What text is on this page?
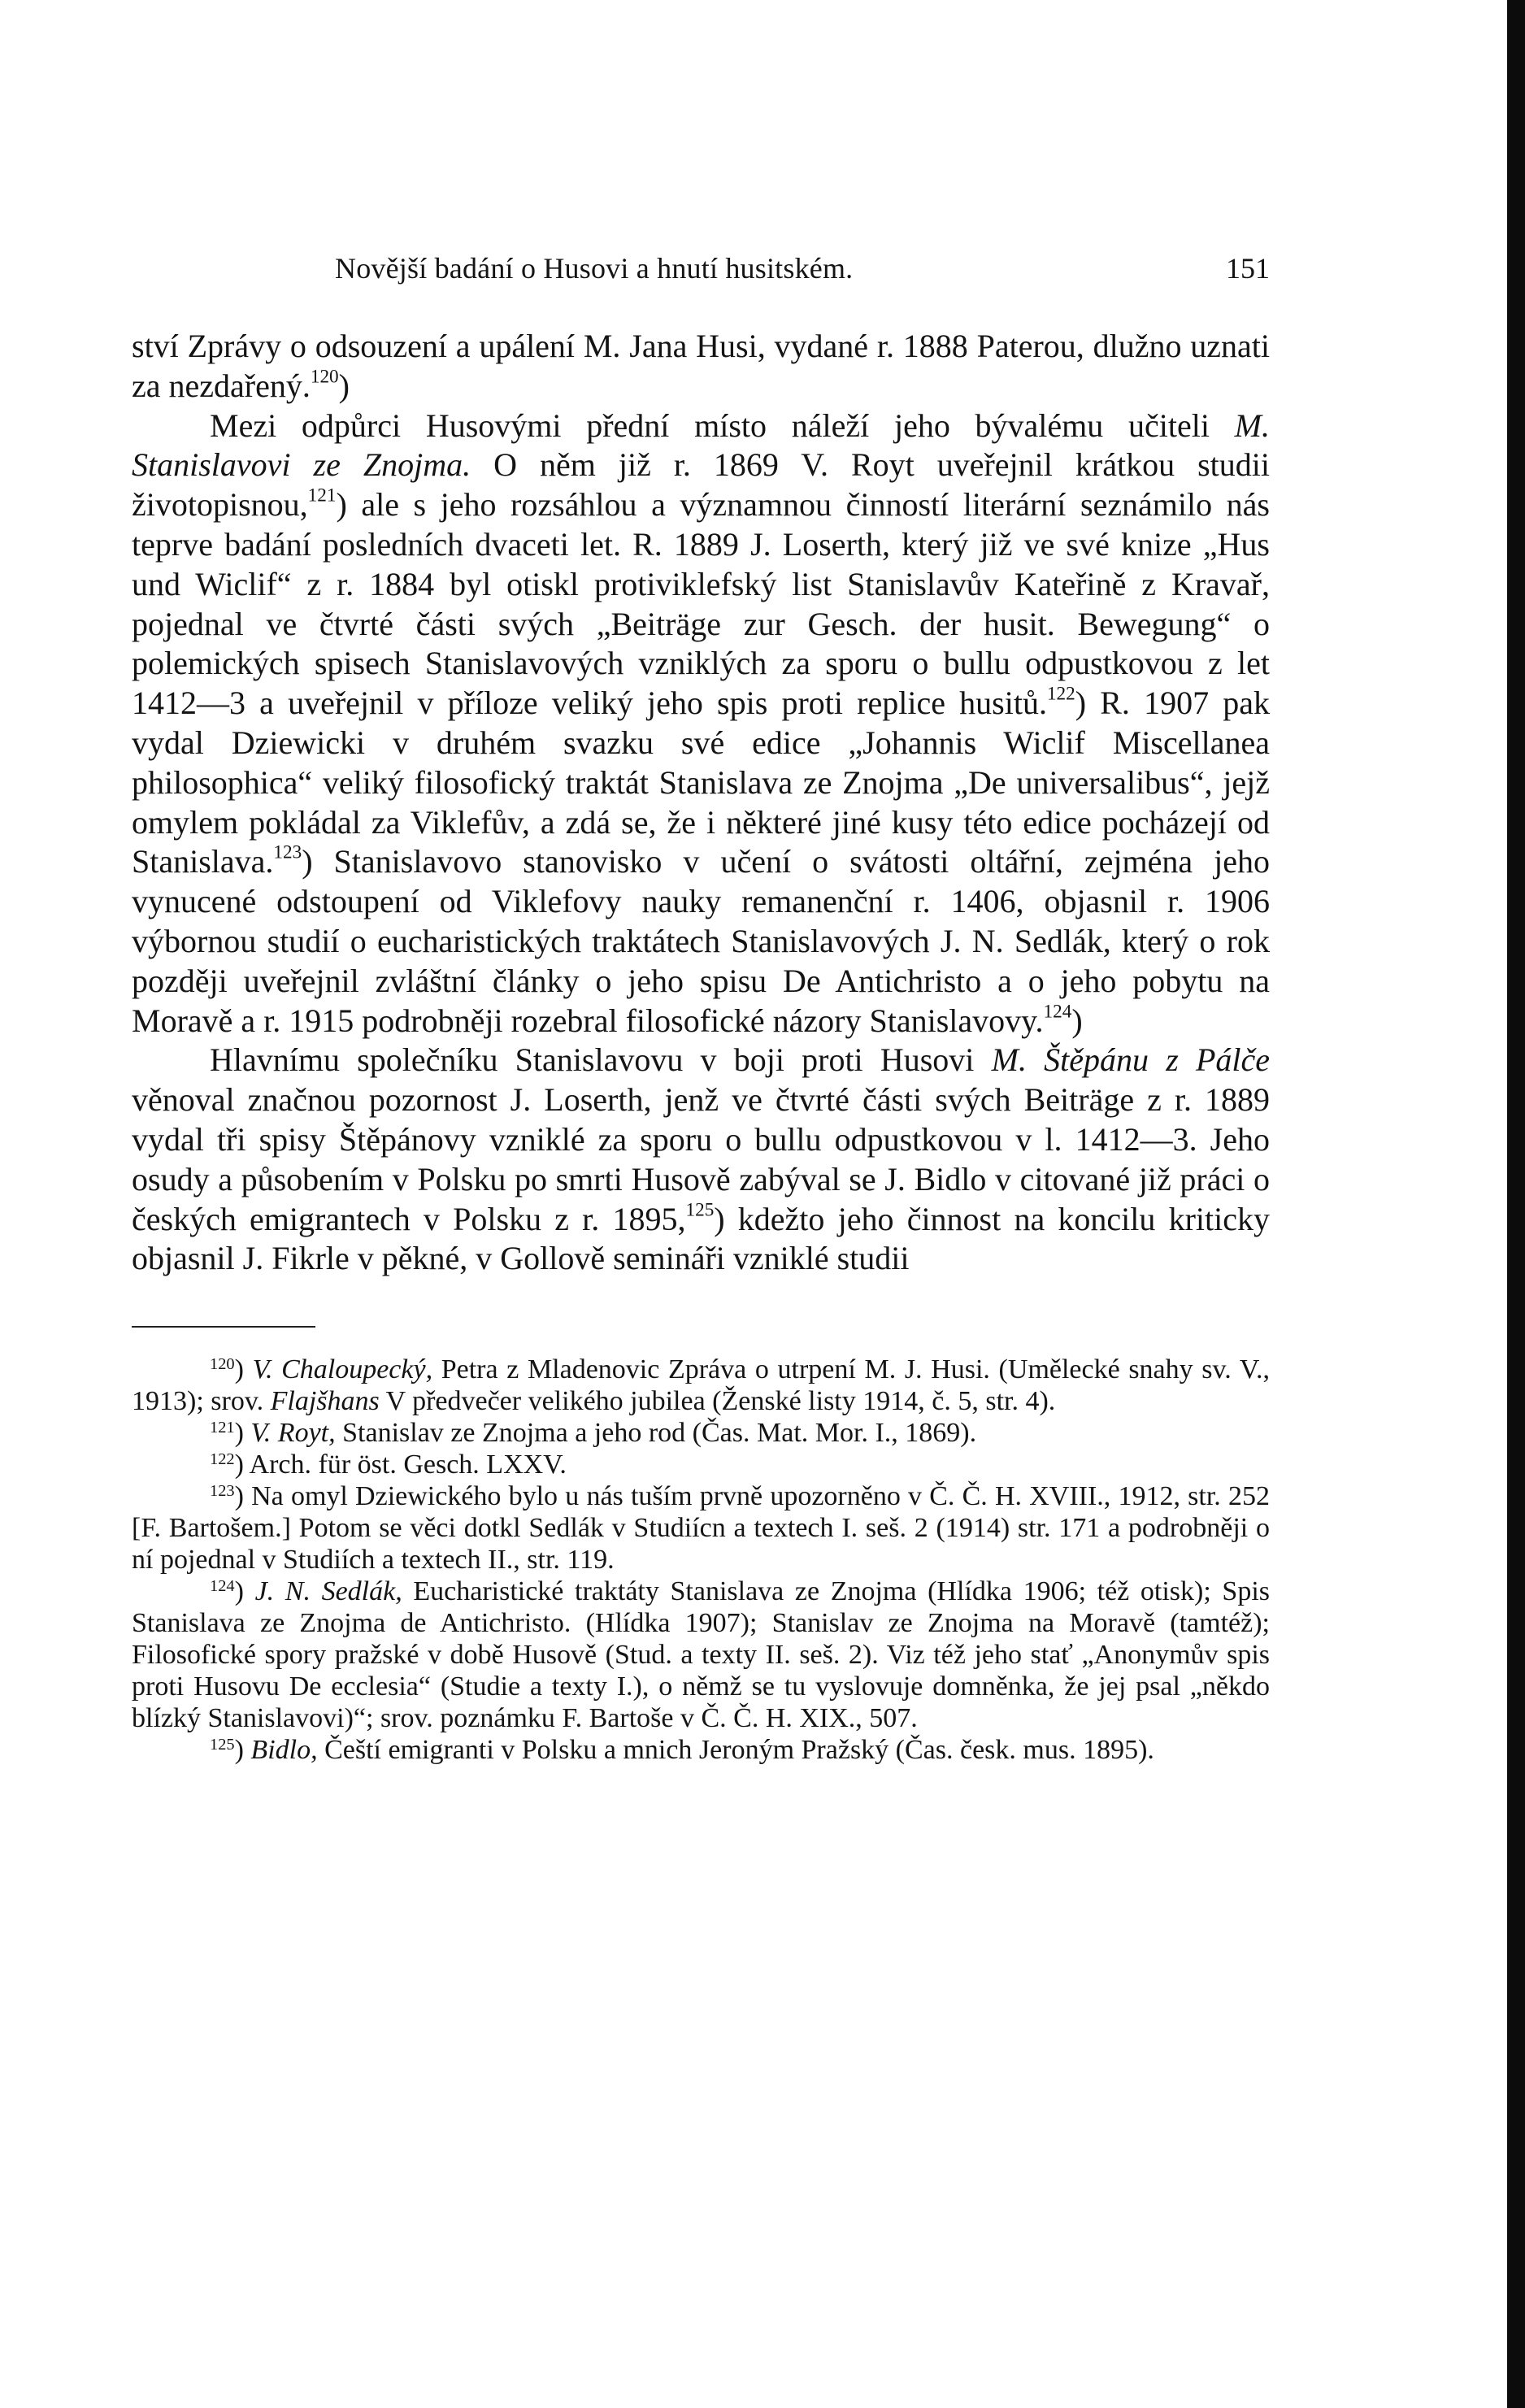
Novější badání o Husovi a hnutí husitském.	151

ství Zprávy o odsouzení a upálení M. Jana Husi, vydané r. 1888 Paterou, dlužno uznati za nezdařený.$^{120}$)

Mezi odpůrci Husovými přední místo náleží jeho bývalému učiteli M. Stanislavovi ze Znojma. O něm již r. 1869 V. Royt uveřejnil krátkou studii životopisnou,$^{121}$) ale s jeho rozsáhlou a významnou činností literární seznámilo nás teprve badání posledních dvaceti let. R. 1889 J. Loserth, který již ve své knize „Hus und Wiclif“ z r. 1884 byl otiskl protiviklefský list Stanislavův Kateřině z Kravař, pojednal ve čtvrté části svých „Beiträge zur Gesch. der husit. Bewegung“ o polemických spisech Stanislavových vzniklých za sporu o bullu odpustkovou z let 1412—3 a uveřejnil v příloze veliký jeho spis proti replice husitů.$^{122}$) R. 1907 pak vydal Dziewicki v druhém svazku své edice „Johannis Wiclif Miscellanea philosophica“ veliký filosofický traktát Stanislava ze Znojma „De universalibus“, jejž omylem pokládal za Viklefův, a zdá se, že i některé jiné kusy této edice pocházejí od Stanislava.$^{123}$) Stanislavovo stanovisko v učení o svátosti oltářní, zejména jeho vynucené odstoupení od Viklefovy nauky remanenční r. 1406, objasnil r. 1906 výbornou studií o eucharistických traktátech Stanislavových J. N. Sedlák, který o rok později uveřejnil zvláštní články o jeho spisu De Antichristo a o jeho pobytu na Moravě a r. 1915 podrobněji rozebral filosofické názory Stanislavovy.$^{124}$)

Hlavnímu společníku Stanislavovu v boji proti Husovi M. Štěpánu z Pálče věnoval značnou pozornost J. Loserth, jenž ve čtvrté části svých Beiträge z r. 1889 vydal tři spisy Štěpánovy vzniklé za sporu o bullu odpustkovou v l. 1412—3. Jeho osudy a působením v Polsku po smrti Husově zabýval se J. Bidlo v citované již práci o českých emigrantech v Polsku z r. 1895,$^{125}$) kdežto jeho činnost na koncilu kriticky objasnil J. Fikrle v pěkné, v Gollově semináři vzniklé studii

$^{120}$) V. Chaloupecký, Petra z Mladenovic Zpráva o utrpení M. J. Husi. (Umělecké snahy sv. V., 1913); srov. Flajšhans V předvečer velikého jubilea (Ženské listy 1914, č. 5, str. 4).

$^{121}$) V. Royt, Stanislav ze Znojma a jeho rod (Čas. Mat. Mor. I., 1869).

$^{122}$) Arch. für öst. Gesch. LXXV.

$^{123}$) Na omyl Dziewického bylo u nás tuším prvně upozorněno v Č. Č. H. XVIII., 1912, str. 252 [F. Bartošem.] Potom se věci dotkl Sedlák v Studiícn a textech I. seš. 2 (1914) str. 171 a podrobněji o ní pojednal v Studiích a textech II., str. 119.

$^{124}$) J. N. Sedlák, Eucharistické traktáty Stanislava ze Znojma (Hlídka 1906; též otisk); Spis Stanislava ze Znojma de Antichristo. (Hlídka 1907); Stanislav ze Znojma na Moravě (tamtéž); Filosofické spory pražské v době Husově (Stud. a texty II. seš. 2). Viz též jeho stať „Anonymův spis proti Husovu De ecclesia“ (Studie a texty I.), o němž se tu vyslovuje domněnka, že jej psal „někdo blízký Stanislavovi)“; srov. poznámku F. Bartoše v Č. Č. H. XIX., 507.

$^{125}$) Bidlo, Čeští emigranti v Polsku a mnich Jeroným Pražský (Čas. česk. mus. 1895).
